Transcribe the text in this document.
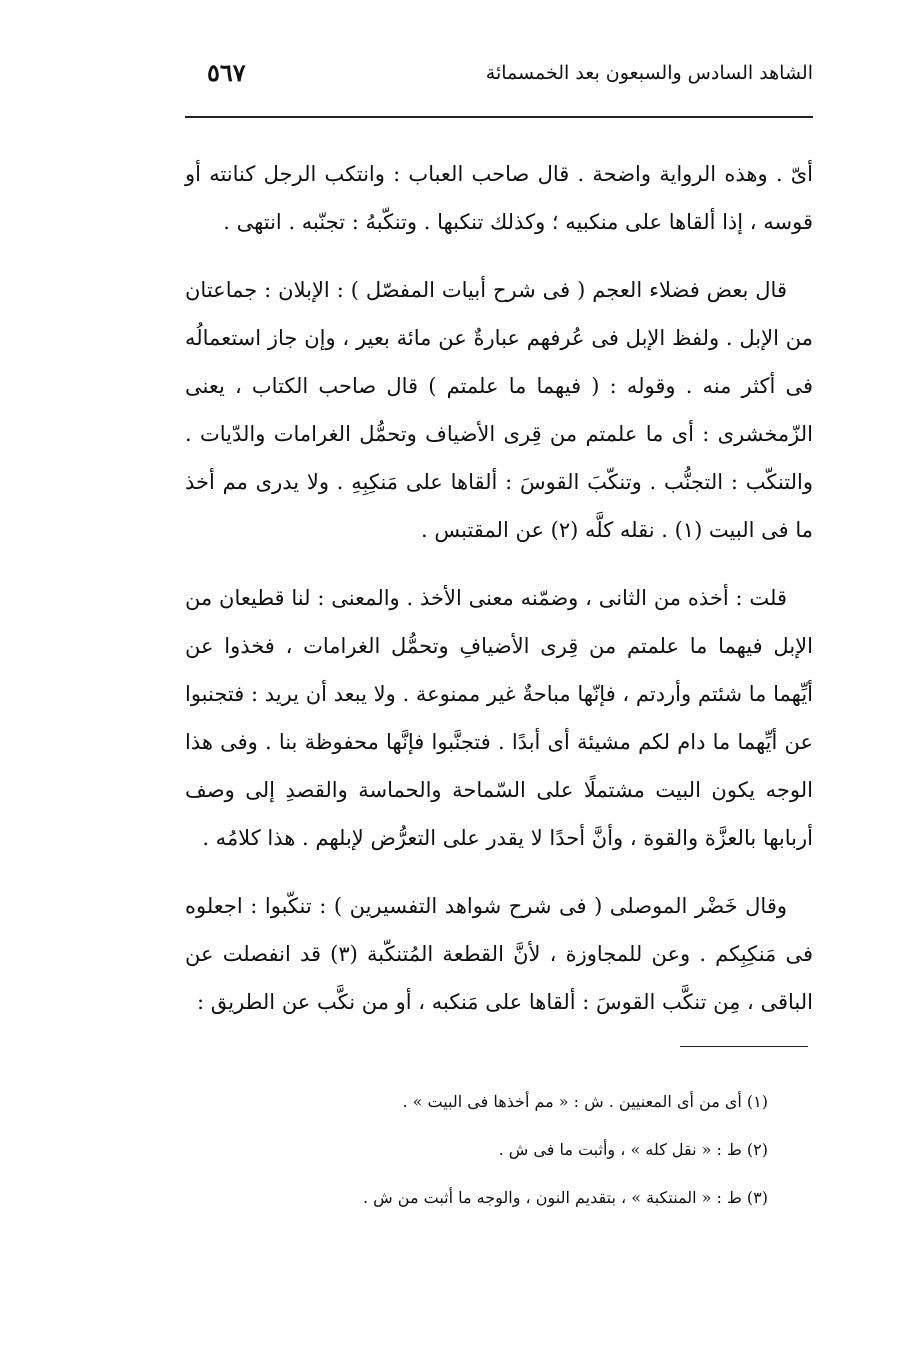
الشاهد السادس والسبعون بعد الخمسمائة
٥٦٧

أىّ . وهذه الرواية واضحة . قال صاحب العباب : وانتكب الرجل كنانته أو قوسه ، إذا ألقاها على منكبيه ؛ وكذلك تنكبها . وتنكّبهُ : تجنّبه . انتهى .

قال بعض فضلاء العجم ( فى شرح أبيات المفصّل ) : الإبلان : جماعتان من الإبل . ولفظ الإبل فى عُرفهم عبارةٌ عن مائة بعير ، وإن جاز استعمالُه فى أكثر منه . وقوله : ( فيهما ما علمتم ) قال صاحب الكتاب ، يعنى الزّمخشرى : أى ما علمتم من قِرى الأضياف وتحمُّل الغرامات والدّيات . والتنكّب : التجنُّب . وتنكّبَ القوسَ : ألقاها على مَنكِبِهِ . ولا يدرى مم أخذ ما فى البيت (١) . نقله كلَّه (٢) عن المقتبس .

قلت : أخذه من الثانى ، وضمّنه معنى الأخذ . والمعنى : لنا قطيعان من الإبل فيهما ما علمتم من قِرى الأضيافِ وتحمُّل الغرامات ، فخذوا عن أيِّهما ما شئتم وأردتم ، فإنّها مباحةٌ غير ممنوعة . ولا يبعد أن يريد : فتجنبوا عن أيِّهما ما دام لكم مشيئة أى أبدًا . فتجنَّبوا فإنَّها محفوظة بنا . وفى هذا الوجه يكون البيت مشتملًا على السّماحة والحماسة والقصدِ إلى وصف أربابها بالعزَّة والقوة ، وأنَّ أحدًا لا يقدر على التعرُّض لإبلهم . هذا كلامُه .

وقال خَضْر الموصلى ( فى شرح شواهد التفسيرين ) : تنكّبوا : اجعلوه فى مَنكِبِكم . وعن للمجاوزة ، لأنَّ القطعة المُتنكّبة (٣) قد انفصلت عن الباقى ، مِن تنكَّب القوسَ : ألقاها على مَنكبه ، أو من نكَّب عن الطريق :

(١) أى من أى المعنيين . ش : « مم أخذها فى البيت » .
(٢) ط : « نقل كله » ، وأثبت ما فى ش .
(٣) ط : « المنتكبة » ، بتقديم النون ، والوجه ما أثبت من ش .
